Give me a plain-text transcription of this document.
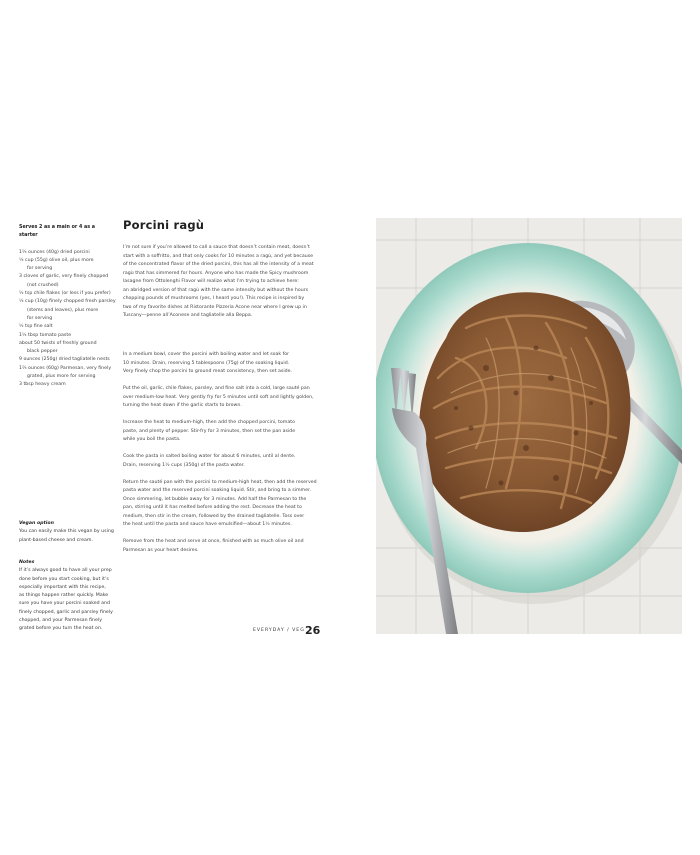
Serves 2 as a main or 4 as a starter
1⅔ ounces (40g) dried porcini
¼ cup (55g) olive oil, plus more
for serving
3 cloves of garlic, very finely chopped
(not crushed)
½ tsp chile flakes (or less if you prefer)
¼ cup (10g) finely chopped fresh parsley
(stems and leaves), plus more
for serving
½ tsp fine salt
1½ tbsp tomato paste
about 50 twists of freshly ground
black pepper
9 ounces (250g) dried tagliatelle nests
1⅔ ounces (60g) Parmesan, very finely
grated, plus more for serving
3 tbsp heavy cream
Vegan option
You can easily make this vegan by using
plant-based cheese and cream.
Notes
If it’s always good to have all your prep
done before you start cooking, but it’s
especially important with this recipe,
as things happen rather quickly. Make
sure you have your porcini soaked and
finely chopped, garlic and parsley finely
chopped, and your Parmesan finely
grated before you turn the heat on.
Porcini ragù
I’m not sure if you’re allowed to call a sauce that doesn’t contain meat, doesn’t
start with a soffritto, and that only cooks for 10 minutes a ragù, and yet because
of the concentrated flavor of the dried porcini, this has all the intensity of a meat
ragù that has simmered for hours. Anyone who has made the Spicy mushroom
lasagne from Ottolenghi Flavor will realize what I’m trying to achieve here:
an abridged version of that ragù with the same intensity but without the hours
chopping pounds of mushrooms (yes, I heard you!). This recipe is inspired by
two of my favorite dishes at Ristorante Pizzeria Acone near where I grew up in
Tuscany—penne all’Aconese and tagliatelle alla Beppa.
In a medium bowl, cover the porcini with boiling water and let soak for
10 minutes. Drain, reserving 5 tablespoons (75g) of the soaking liquid.
Very finely chop the porcini to ground meat consistency, then set aside.
Put the oil, garlic, chile flakes, parsley, and fine salt into a cold, large sauté pan
over medium-low heat. Very gently fry for 5 minutes until soft and lightly golden,
turning the heat down if the garlic starts to brown.
Increase the heat to medium-high, then add the chopped porcini, tomato
paste, and plenty of pepper. Stir-fry for 3 minutes, then set the pan aside
while you boil the pasta.
Cook the pasta in salted boiling water for about 6 minutes, until al dente.
Drain, reserving 1½ cups (350g) of the pasta water.
Return the sauté pan with the porcini to medium-high heat, then add the reserved
pasta water and the reserved porcini soaking liquid. Stir, and bring to a simmer.
Once simmering, let bubble away for 3 minutes. Add half the Parmesan to the
pan, stirring until it has melted before adding the rest. Decrease the heat to
medium, then stir in the cream, followed by the drained tagliatelle. Toss over
the heat until the pasta and sauce have emulsified—about 1½ minutes.
Remove from the heat and serve at once, finished with as much olive oil and
Parmesan as your heart desires.
EVERYDAY / VEG 26
